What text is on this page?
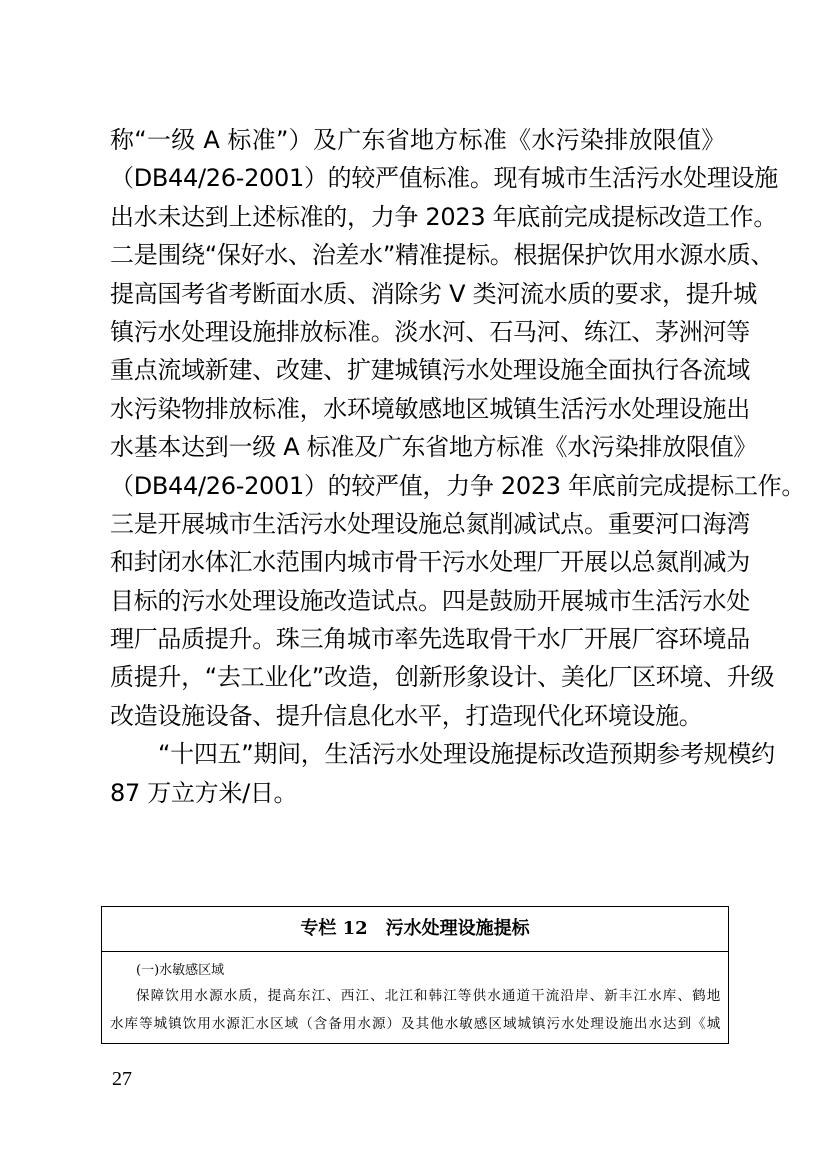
称“一级 A 标准”）及广东省地方标准《水污染排放限值》
（DB44/26-2001）的较严值标准。现有城市生活污水处理设施
出水未达到上述标准的，力争 2023 年底前完成提标改造工作。
二是围绕“保好水、治差水”精准提标。根据保护饮用水源水质、
提高国考省考断面水质、消除劣 V 类河流水质的要求，提升城
镇污水处理设施排放标准。淡水河、石马河、练江、茅洲河等
重点流域新建、改建、扩建城镇污水处理设施全面执行各流域
水污染物排放标准，水环境敏感地区城镇生活污水处理设施出
水基本达到一级 A 标准及广东省地方标准《水污染排放限值》
（DB44/26-2001）的较严值，力争 2023 年底前完成提标工作。
三是开展城市生活污水处理设施总氮削减试点。重要河口海湾
和封闭水体汇水范围内城市骨干污水处理厂开展以总氮削减为
目标的污水处理设施改造试点。四是鼓励开展城市生活污水处
理厂品质提升。珠三角城市率先选取骨干水厂开展厂容环境品
质提升，“去工业化”改造，创新形象设计、美化厂区环境、升级
改造设施设备、提升信息化水平，打造现代化环境设施。
“十四五”期间，生活污水处理设施提标改造预期参考规模约
87 万立方米/日。
专栏 12　污水处理设施提标
(一)水敏感区域
保障饮用水源水质，提高东江、西江、北江和韩江等供水通道干流沿岸、新丰江水库、鹤地
水库等城镇饮用水源汇水区域（含备用水源）及其他水敏感区域城镇污水处理设施出水达到《城
27
